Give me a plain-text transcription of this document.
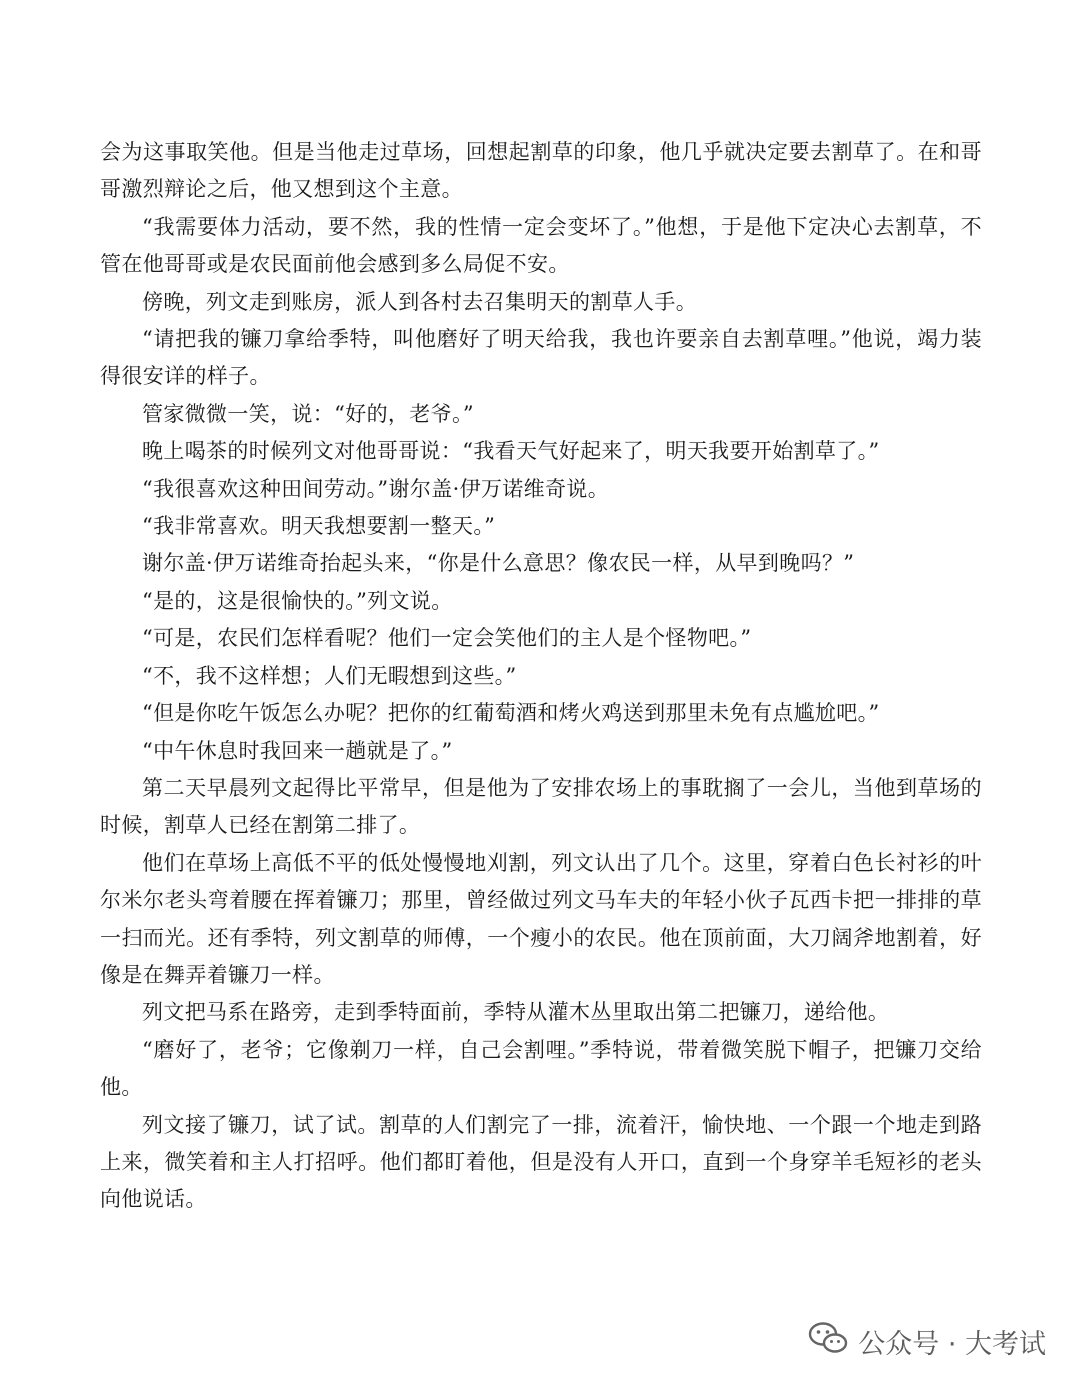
会为这事取笑他。但是当他走过草场，回想起割草的印象，他几乎就决定要去割草了。在和哥哥激烈辩论之后，他又想到这个主意。

“我需要体力活动，要不然，我的性情一定会变坏了。”他想，于是他下定决心去割草，不管在他哥哥或是农民面前他会感到多么局促不安。

傍晚，列文走到账房，派人到各村去召集明天的割草人手。

“请把我的镰刀拿给季特，叫他磨好了明天给我，我也许要亲自去割草哩。”他说，竭力装得很安详的样子。

管家微微一笑，说：“好的，老爷。”

晚上喝茶的时候列文对他哥哥说：“我看天气好起来了，明天我要开始割草了。”

“我很喜欢这种田间劳动。”谢尔盖·伊万诺维奇说。

“我非常喜欢。明天我想要割一整天。”

谢尔盖·伊万诺维奇抬起头来，“你是什么意思？像农民一样，从早到晚吗？”

“是的，这是很愉快的。”列文说。

“可是，农民们怎样看呢？他们一定会笑他们的主人是个怪物吧。”

“不，我不这样想；人们无暇想到这些。”

“但是你吃午饭怎么办呢？把你的红葡萄酒和烤火鸡送到那里未免有点尴尬吧。”

“中午休息时我回来一趟就是了。”

第二天早晨列文起得比平常早，但是他为了安排农场上的事耽搁了一会儿，当他到草场的时候，割草人已经在割第二排了。

他们在草场上高低不平的低处慢慢地刈割，列文认出了几个。这里，穿着白色长衬衫的叶尔米尔老头弯着腰在挥着镰刀；那里，曾经做过列文马车夫的年轻小伙子瓦西卡把一排排的草一扫而光。还有季特，列文割草的师傅，一个瘦小的农民。他在顶前面，大刀阔斧地割着，好像是在舞弄着镰刀一样。

列文把马系在路旁，走到季特面前，季特从灌木丛里取出第二把镰刀，递给他。

“磨好了，老爷；它像剃刀一样，自己会割哩。”季特说，带着微笑脱下帽子，把镰刀交给他。

列文接了镰刀，试了试。割草的人们割完了一排，流着汗，愉快地、一个跟一个地走到路上来，微笑着和主人打招呼。他们都盯着他，但是没有人开口，直到一个身穿羊毛短衫的老头向他说话。

公众号 · 大考试
